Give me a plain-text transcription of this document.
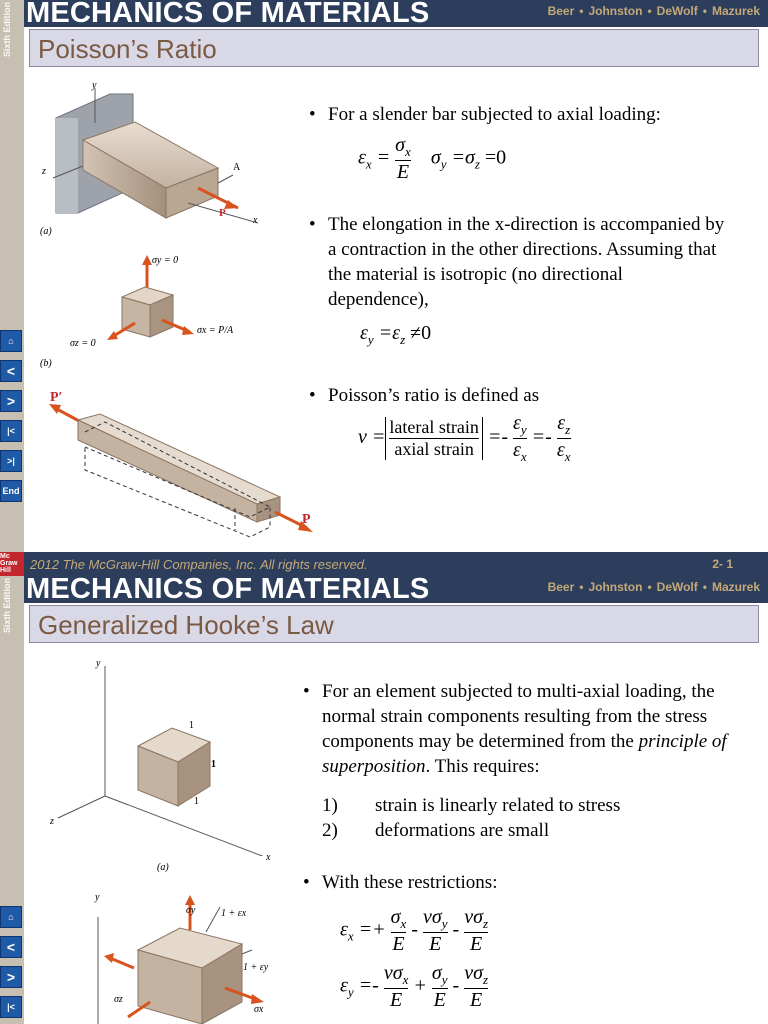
Sixth Edition
⌂
<
>
|<
>|
End
MECHANICS OF MATERIALS	Beer • Johnston • DeWolf • Mazurek
Poisson’s Ratio
y
z
x
A
P
(a)
σy = 0
σz = 0
σx = P/A
(b)
P′
P
• For a slender bar subjected to axial loading:
$\varepsilon_x = \frac{\sigma_x}{E} \sigma_y =\sigma_z =0$
• The elongation in the x-direction is accompanied by a contraction in the other directions. Assuming that the material is isotropic (no directional dependence),
$\varepsilon_y =\varepsilon_z \ne 0$
• Poisson’s ratio is defined as
ν = lateral strain
axial strain
=- $\frac{\varepsilon_y}{\varepsilon_x} =- \frac{\varepsilon_z}{\varepsilon_x}$
Mc Graw Hill	2012 The McGraw-Hill Companies, Inc. All rights reserved.	2- 1
Sixth Edition
⌂
<
>
|<
MECHANICS OF MATERIALS	Beer • Johnston • DeWolf • Mazurek
Generalized Hooke’s Law
y
z
x
1
1
1
(a)
y
σy	1 + εx
1 + εy
σz
σx
• For an element subjected to multi-axial loading, the normal strain components resulting from the stress components may be determined from the principle of superposition. This requires:
1) strain is linearly related to stress
2) deformations are small
• With these restrictions:
$\varepsilon_x =+ \frac{\sigma_x}{E}$ -
$\nu\sigma_y$
E
-
$\nu\sigma_z$
E
$\varepsilon_y$ =-
$\nu\sigma_x$
E
+ $\frac{\sigma_y}{E}$ -
$\nu\sigma_z$
E
